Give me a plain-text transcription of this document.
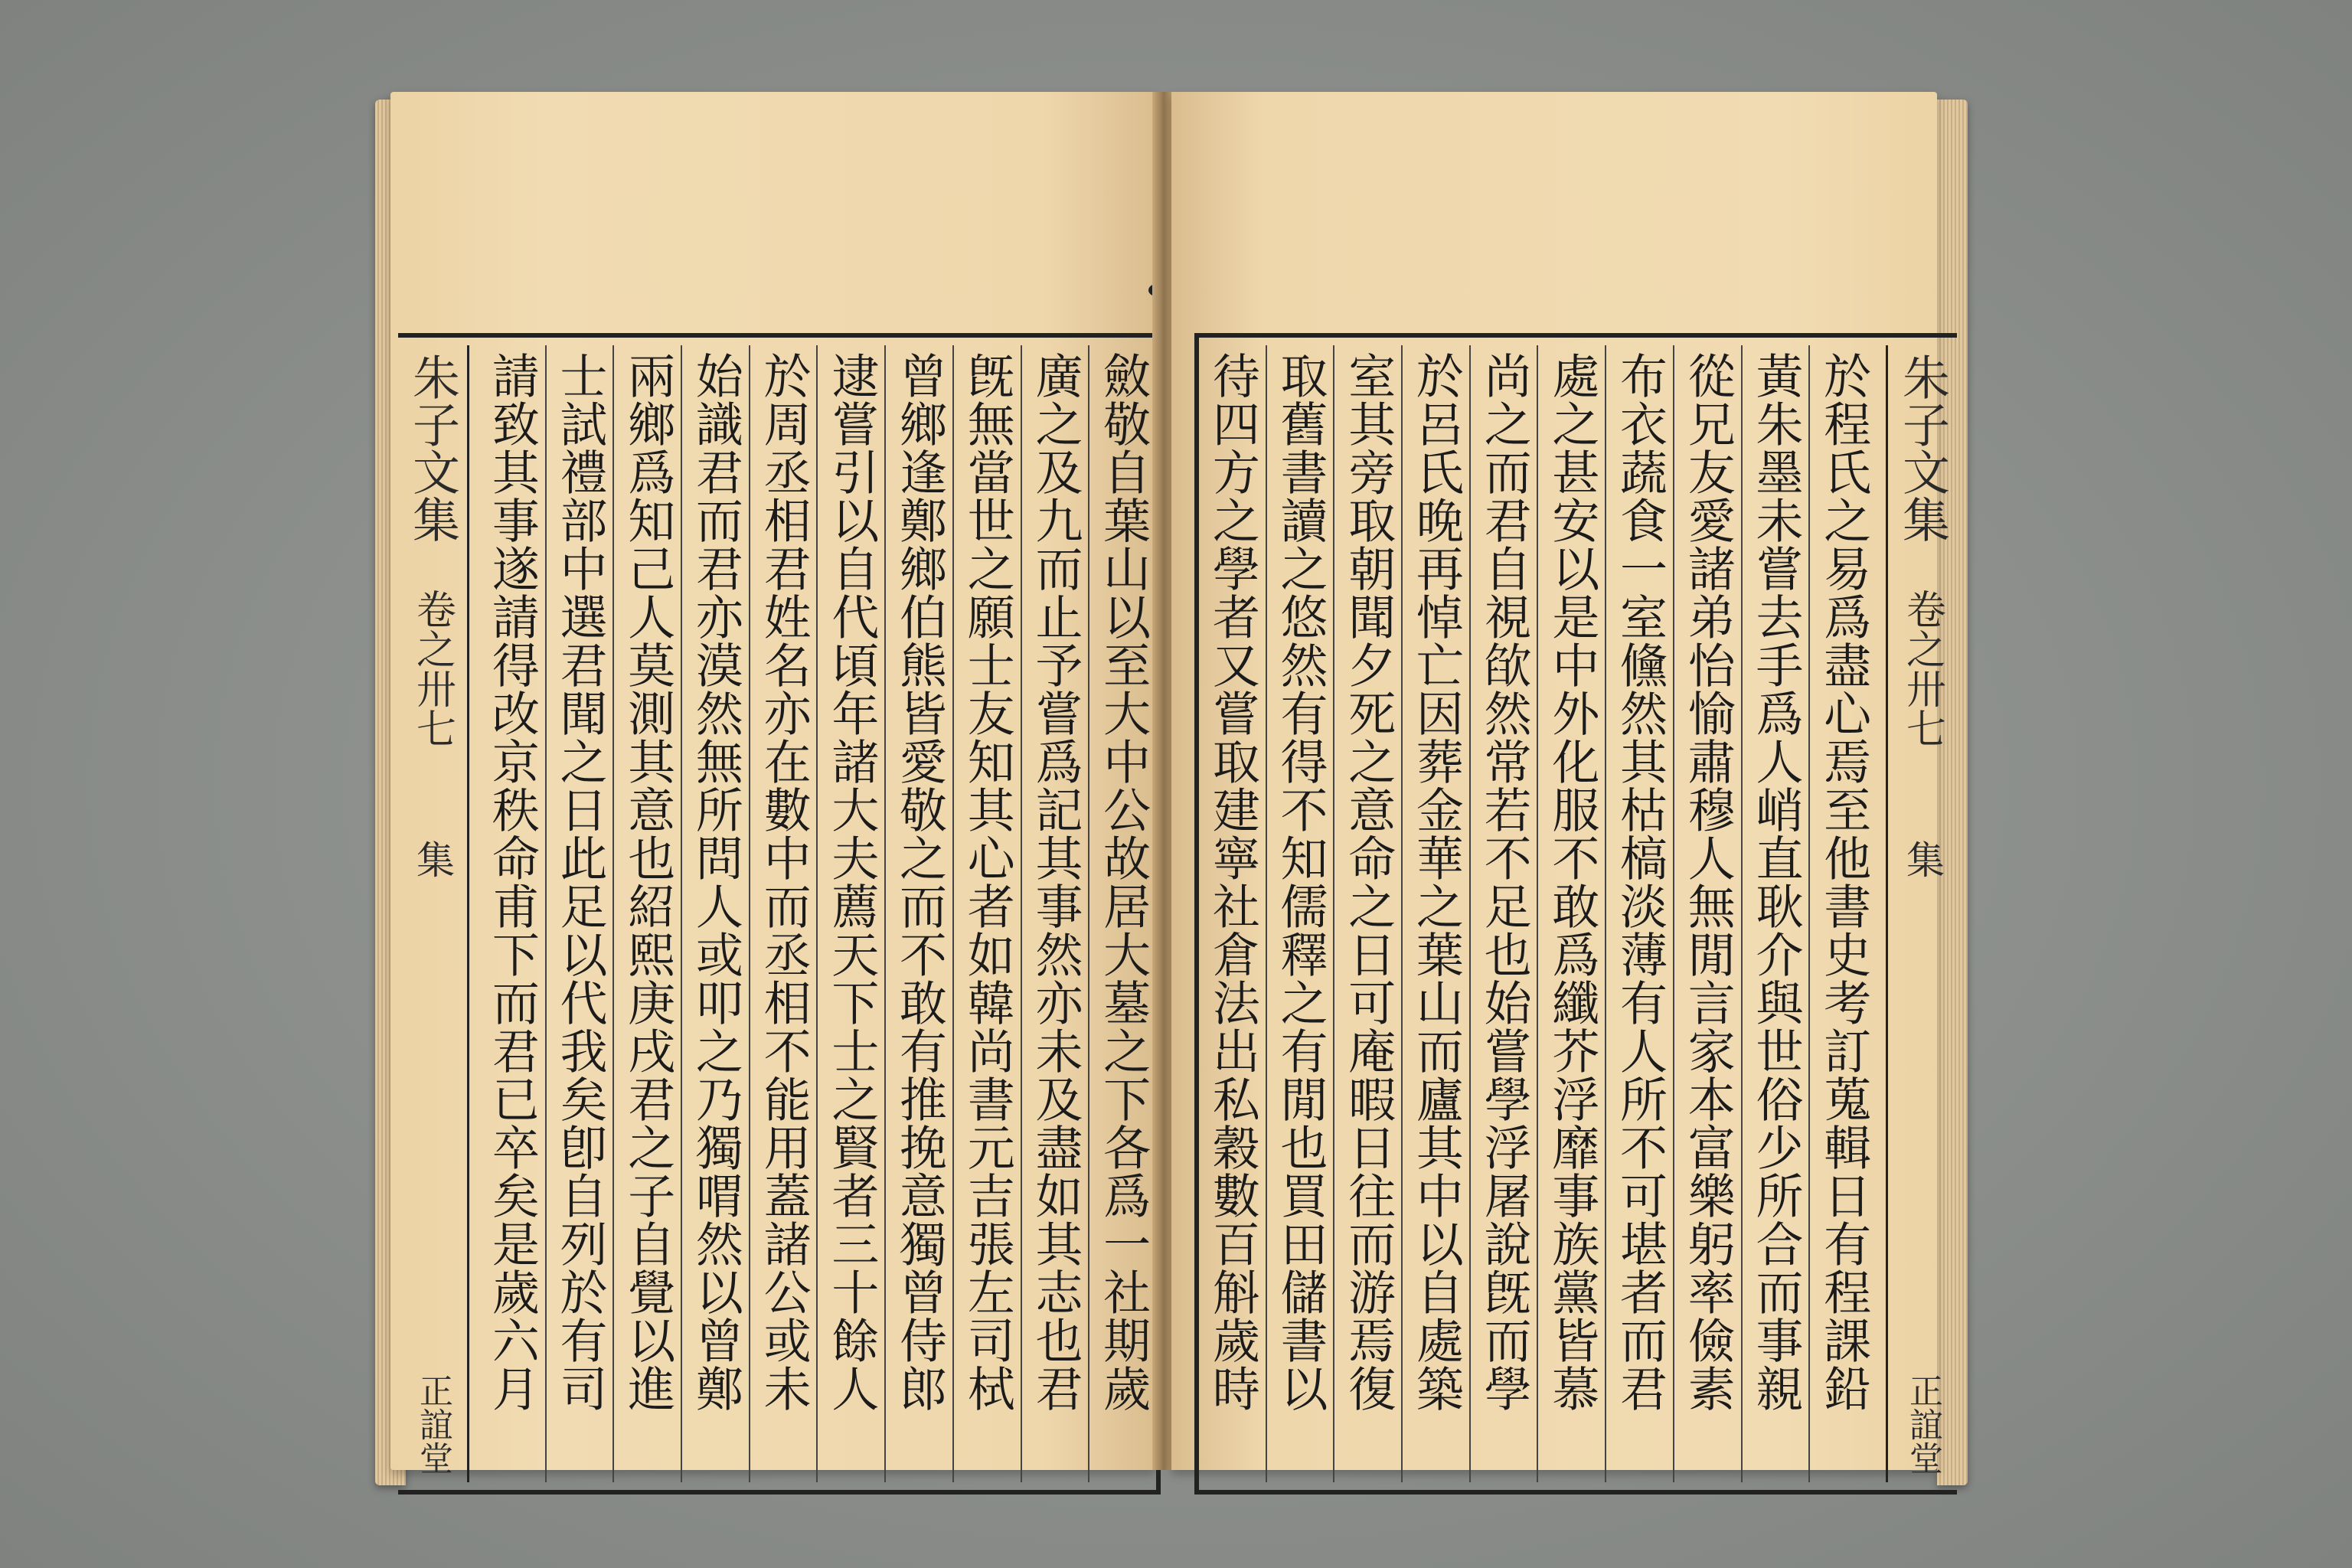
朱子文集
卷之卅七
集
正誼堂
斂敬自葉山以至大中公故居大墓之下各爲一社期歲
廣之及九而止予嘗爲記其事然亦未及盡如其志也君
旣無當世之願士友知其心者如韓尚書元吉張左司栻
曾鄉逢鄭鄉伯熊皆愛敬之而不敢有推挽意獨曾侍郎
逮嘗引以自代頃年諸大夫薦天下士之賢者三十餘人
於周丞相君姓名亦在數中而丞相不能用蓋諸公或未
始識君而君亦漠然無所問人或叩之乃獨喟然以曾鄭
兩鄉爲知己人莫測其意也紹熙庚戌君之子自覺以進
士試禮部中選君聞之日此足以代我矣卽自列於有司
請致其事遂請得改京秩命甫下而君已卒矣是歲六月	朱子文集
卷之卅七
集
正誼堂
於程氏之易爲盡心焉至他書史考訂蒐輯日有程課鉛
黃朱墨未嘗去手爲人峭直耿介與世俗少所合而事親
從兄友愛諸弟怡愉肅穆人無閒言家本富樂躬率儉素
布衣蔬食一室儵然其枯槁淡薄有人所不可堪者而君
處之甚安以是中外化服不敢爲纖芥浮靡事族黨皆慕
尚之而君自視欿然常若不足也始嘗學浮屠說旣而學
於呂氏晚再悼亡因葬金華之葉山而廬其中以自處築
室其旁取朝聞夕死之意命之日可庵暇日往而游焉復
取舊書讀之悠然有得不知儒釋之有閒也買田儲書以
待四方之學者又嘗取建寧社倉法出私穀數百斛歲時
